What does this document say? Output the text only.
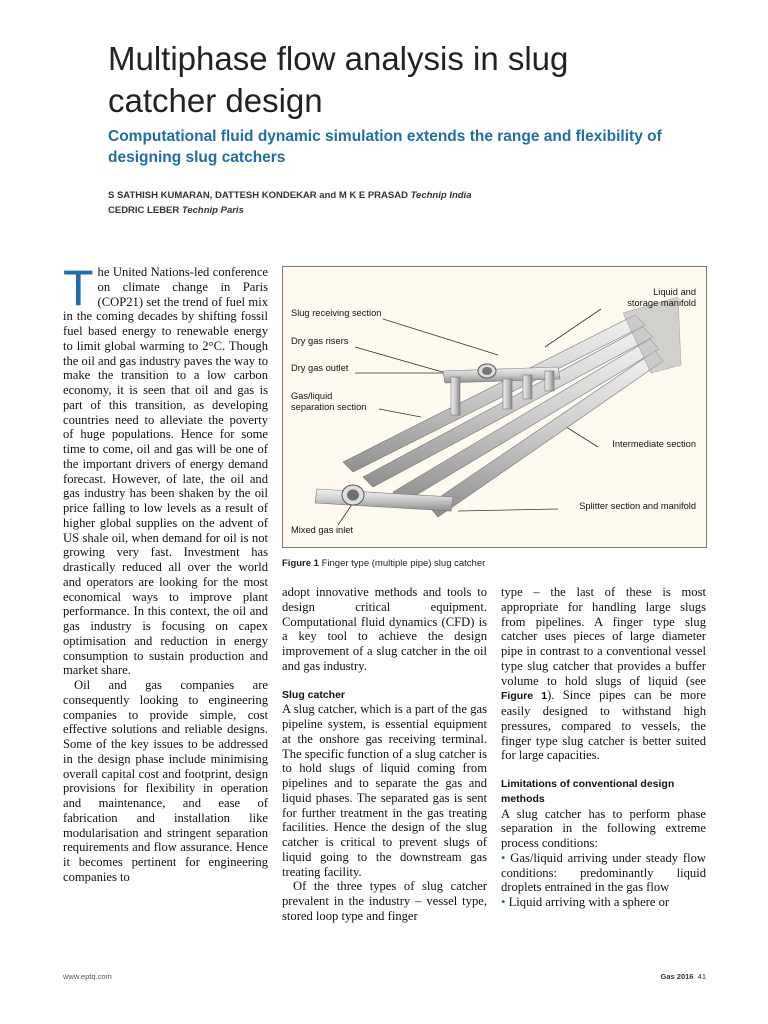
Multiphase flow analysis in slug
catcher design

Computational fluid dynamic simulation extends the range and flexibility of designing slug catchers

S SATHISH KUMARAN, DATTESH KONDEKAR and M K E PRASAD Technip India
CEDRIC LEBER Technip Paris

The United Nations-led conference on climate change in Paris (COP21) set the trend of fuel mix in the coming decades by shifting fossil fuel based energy to renewable energy to limit global warming to 2°C. Though the oil and gas industry paves the way to make the transition to a low carbon economy, it is seen that oil and gas is part of this transition, as developing countries need to alleviate the poverty of huge populations. Hence for some time to come, oil and gas will be one of the important drivers of energy demand forecast. However, of late, the oil and gas industry has been shaken by the oil price falling to low levels as a result of higher global supplies on the advent of US shale oil, when demand for oil is not growing very fast. Investment has drastically reduced all over the world and operators are looking for the most economical ways to improve plant performance. In this context, the oil and gas industry is focusing on capex optimisation and reduction in energy consumption to sustain production and market share.

Oil and gas companies are consequently looking to engineering companies to provide simple, cost effective solutions and reliable designs. Some of the key issues to be addressed in the design phase include minimising overall capital cost and footprint, design provisions for flexibility in operation and maintenance, and ease of fabrication and installation like modularisation and stringent separation requirements and flow assurance. Hence it becomes pertinent for engineering companies to

Liquid and
storage manifold
Slug receiving section
Dry gas risers
Dry gas outlet
Gas/liquid
separation section
Intermediate section
Splitter section and manifold
Mixed gas inlet
Figure 1 Finger type (multiple pipe) slug catcher

adopt innovative methods and tools to design critical equipment. Computational fluid dynamics (CFD) is a key tool to achieve the design improvement of a slug catcher in the oil and gas industry.

Slug catcher

A slug catcher, which is a part of the gas pipeline system, is essential equipment at the onshore gas receiving terminal. The specific function of a slug catcher is to hold slugs of liquid coming from pipelines and to separate the gas and liquid phases. The separated gas is sent for further treatment in the gas treating facilities. Hence the design of the slug catcher is critical to prevent slugs of liquid going to the downstream gas treating facility.

Of the three types of slug catcher prevalent in the industry – vessel type, stored loop type and finger

type – the last of these is most appropriate for handling large slugs from pipelines. A finger type slug catcher uses pieces of large diameter pipe in contrast to a conventional vessel type slug catcher that provides a buffer volume to hold slugs of liquid (see Figure 1). Since pipes can be more easily designed to withstand high pressures, compared to vessels, the finger type slug catcher is better suited for large capacities.

Limitations of conventional design methods

A slug catcher has to perform phase separation in the following extreme process conditions:

• Gas/liquid arriving under steady flow conditions: predominantly liquid droplets entrained in the gas flow

• Liquid arriving with a sphere or

www.eptq.com	Gas 2016 41
